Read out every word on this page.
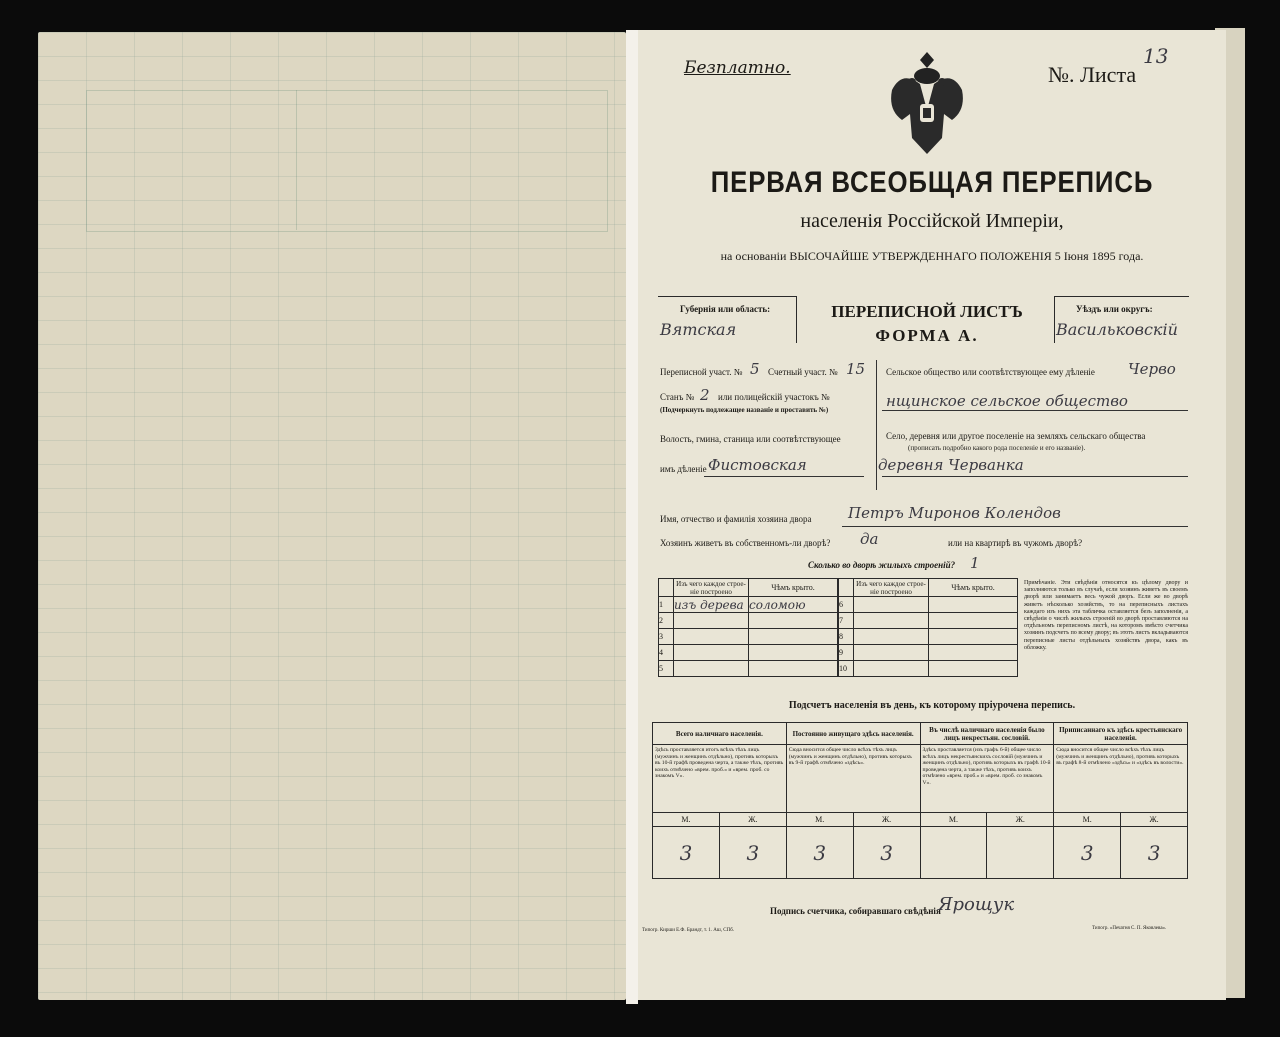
Безплатно.	№. Листа
13
ПЕРВАЯ ВСЕОБЩАЯ ПЕРЕПИСЬ
населенія Россійской Имперіи,
на основаніи ВЫСОЧАЙШЕ УТВЕРЖДЕННАГО ПОЛОЖЕНІЯ 5 Іюня 1895 года.
Губернія или область:
Вятская
ПЕРЕПИСНОЙ ЛИСТЪ
ФОРМА А.
Уѣздъ или округъ:
Васильковскій
Переписной участ. № 5 Счетный участ. № 15
Станъ № 2 или полицейскій участокъ №
(Подчеркнуть подлежащее названіе и проставить №)
Волость, гмина, станица или соотвѣтствующее
имъ дѣленіе Фистовская
Сельское общество или соотвѣтствующее ему дѣленіе Черво
нщинское сельское общество
Село, деревня или другое поселеніе на земляхъ сельскаго общества
(прописать подробно какого рода поселеніе и его названіе).
деревня Черванка
Имя, отчество и фамилія хозяина двора Петръ Миронов Колендов
Хозяинъ живетъ въ собственномъ-ли дворѣ? да	или на квартирѣ въ чужомъ дворѣ?
Сколько во дворѣ жилыхъ строеній? 1
	Изъ чего каждое строе-ніе построено	Чѣмъ крыто.
1	изъ дерева	соломою
2		
3		
4		
5		
	Изъ чего каждое строе-ніе построено	Чѣмъ крыто.
6		
7		
8		
9		
10		
Примѣчаніе. Эти свѣдѣнія относятся къ цѣлому двору и заполняются только въ случаѣ, если хозяинъ живетъ въ своемъ дворѣ или занимаетъ весь чужой дворъ. Если же во дворѣ живетъ нѣсколько хозяйствъ, то на переписныхъ листахъ каждаго изъ нихъ эта табличка оставляется безъ заполненія, а свѣдѣнія о числѣ жилыхъ строеній во дворѣ проставляются на отдѣльномъ переписномъ листѣ, на которомъ вмѣсто счетчика хозяинъ подсчетъ по всему двору; въ этотъ листъ вкладываются переписные листы отдѣльныхъ хозяйствъ двора, какъ въ обложку.
Подсчетъ населенія въ день, къ которому пріурочена перепись.
Всего наличнаго населенія.		Постоянно живущаго здѣсь населенія.		Въ числѣ наличнаго населенія было лицъ некрестьян. сословій.		Приписаннаго къ здѣсь крестьянскаго населенія.	
Здѣсь проставляется итогъ всѣхъ тѣхъ лицъ (мужчинъ и женщинъ отдѣльно), противъ которыхъ въ 10-й графѣ проведена черта, а также тѣхъ, противъ коихъ отмѣчено «врем. проб.» и «врем. проб. со знакомъ V».		Сюда вносится общее число всѣхъ тѣхъ лицъ (мужчинъ и женщинъ отдѣльно), противъ которыхъ въ 9-й графѣ отмѣчено «здѣсь».		Здѣсь проставляется (изъ графъ 6-й) общее число всѣхъ лицъ некрестьянскихъ сословій (мужчинъ и женщинъ отдѣльно), противъ которыхъ въ графѣ 10-й проведена черта, а также тѣхъ, противъ коихъ отмѣчено «врем. проб.» и «врем. проб. со знакомъ V».		Сюда вносится общее число всѣхъ тѣхъ лицъ (мужчинъ и женщинъ отдѣльно), противъ которыхъ въ графѣ 8-й отмѣчено «здѣсь» и «здѣсь въ волости».	
М.	Ж.	М.	Ж.	М.	Ж.	М.	Ж.
3	3	3	3			3	3
Подпись счетчика, собиравшаго свѣдѣнія
Ярощук
Типогр. Кирши Е.Ф. Брандт, т. 1. Аш, СПб.	Типогр. «Печатня С. П. Яковлева».
